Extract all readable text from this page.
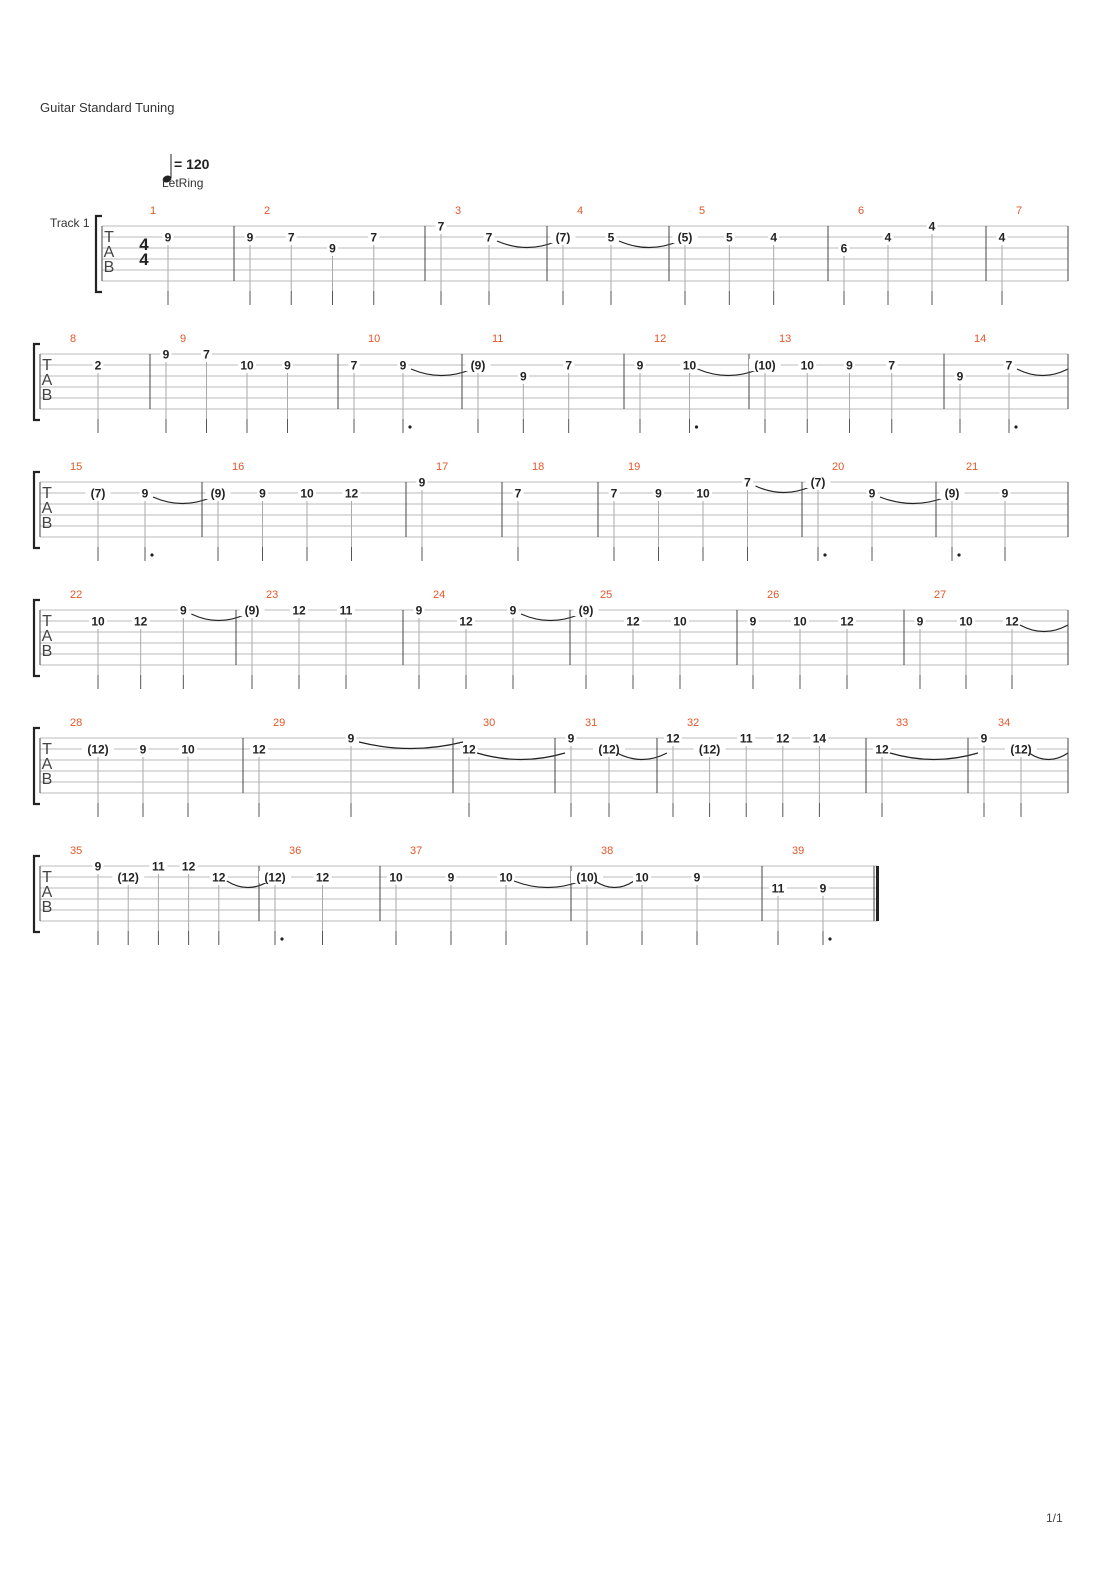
Guitar Standard Tuning
= 120
LetRing
Track 1
T
A
B
4
4
1
9
2
9	7
9
7
3
7
7
4
(7)	5
5
(5)	5	4
6
6
4
4
7
4
T
A
B
8
2
9
9	7
10	9
10
7	9
11
(9)
9
7
12
9	10
13
(10) 10	9	7
14
9
7
T
A
B
15
(7)	9
16
(9)	9	10	12
17
9
18
7
19
7	9	10
7
20
(7)
9
21
(9)	9
T
A
B
22
10 12
9
23
(9)	12	11
24
9
12
9
25
(9)
12	10
26
9	10	12
27
9	10	12
T
A
B
28
(12)	9	10
29
12
9
30
12
31
9
(12)
32
12
(12)
11 12 14
33
12
34
9
(12)
T
A
B
35
9
(12)
11 12
12
36
(12)	12
37
10	9	10
38
(10)	10	9
39
11	9
1/1
